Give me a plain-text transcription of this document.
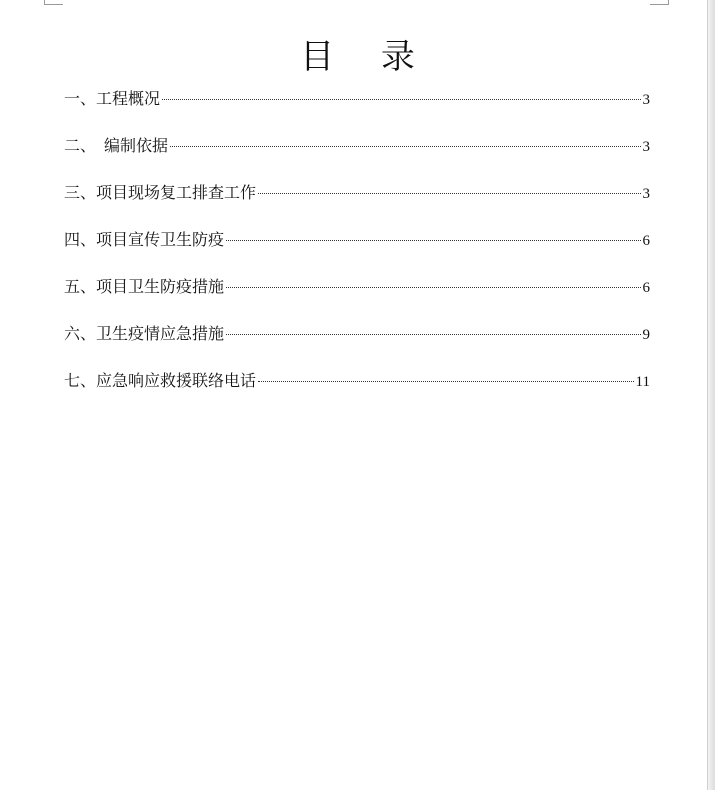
目 录
一、工程概况	3
二、　编制依据	3
三、项目现场复工排查工作	3
四、项目宣传卫生防疫	6
五、项目卫生防疫措施	6
六、卫生疫情应急措施	9
七、应急响应救援联络电话	11
